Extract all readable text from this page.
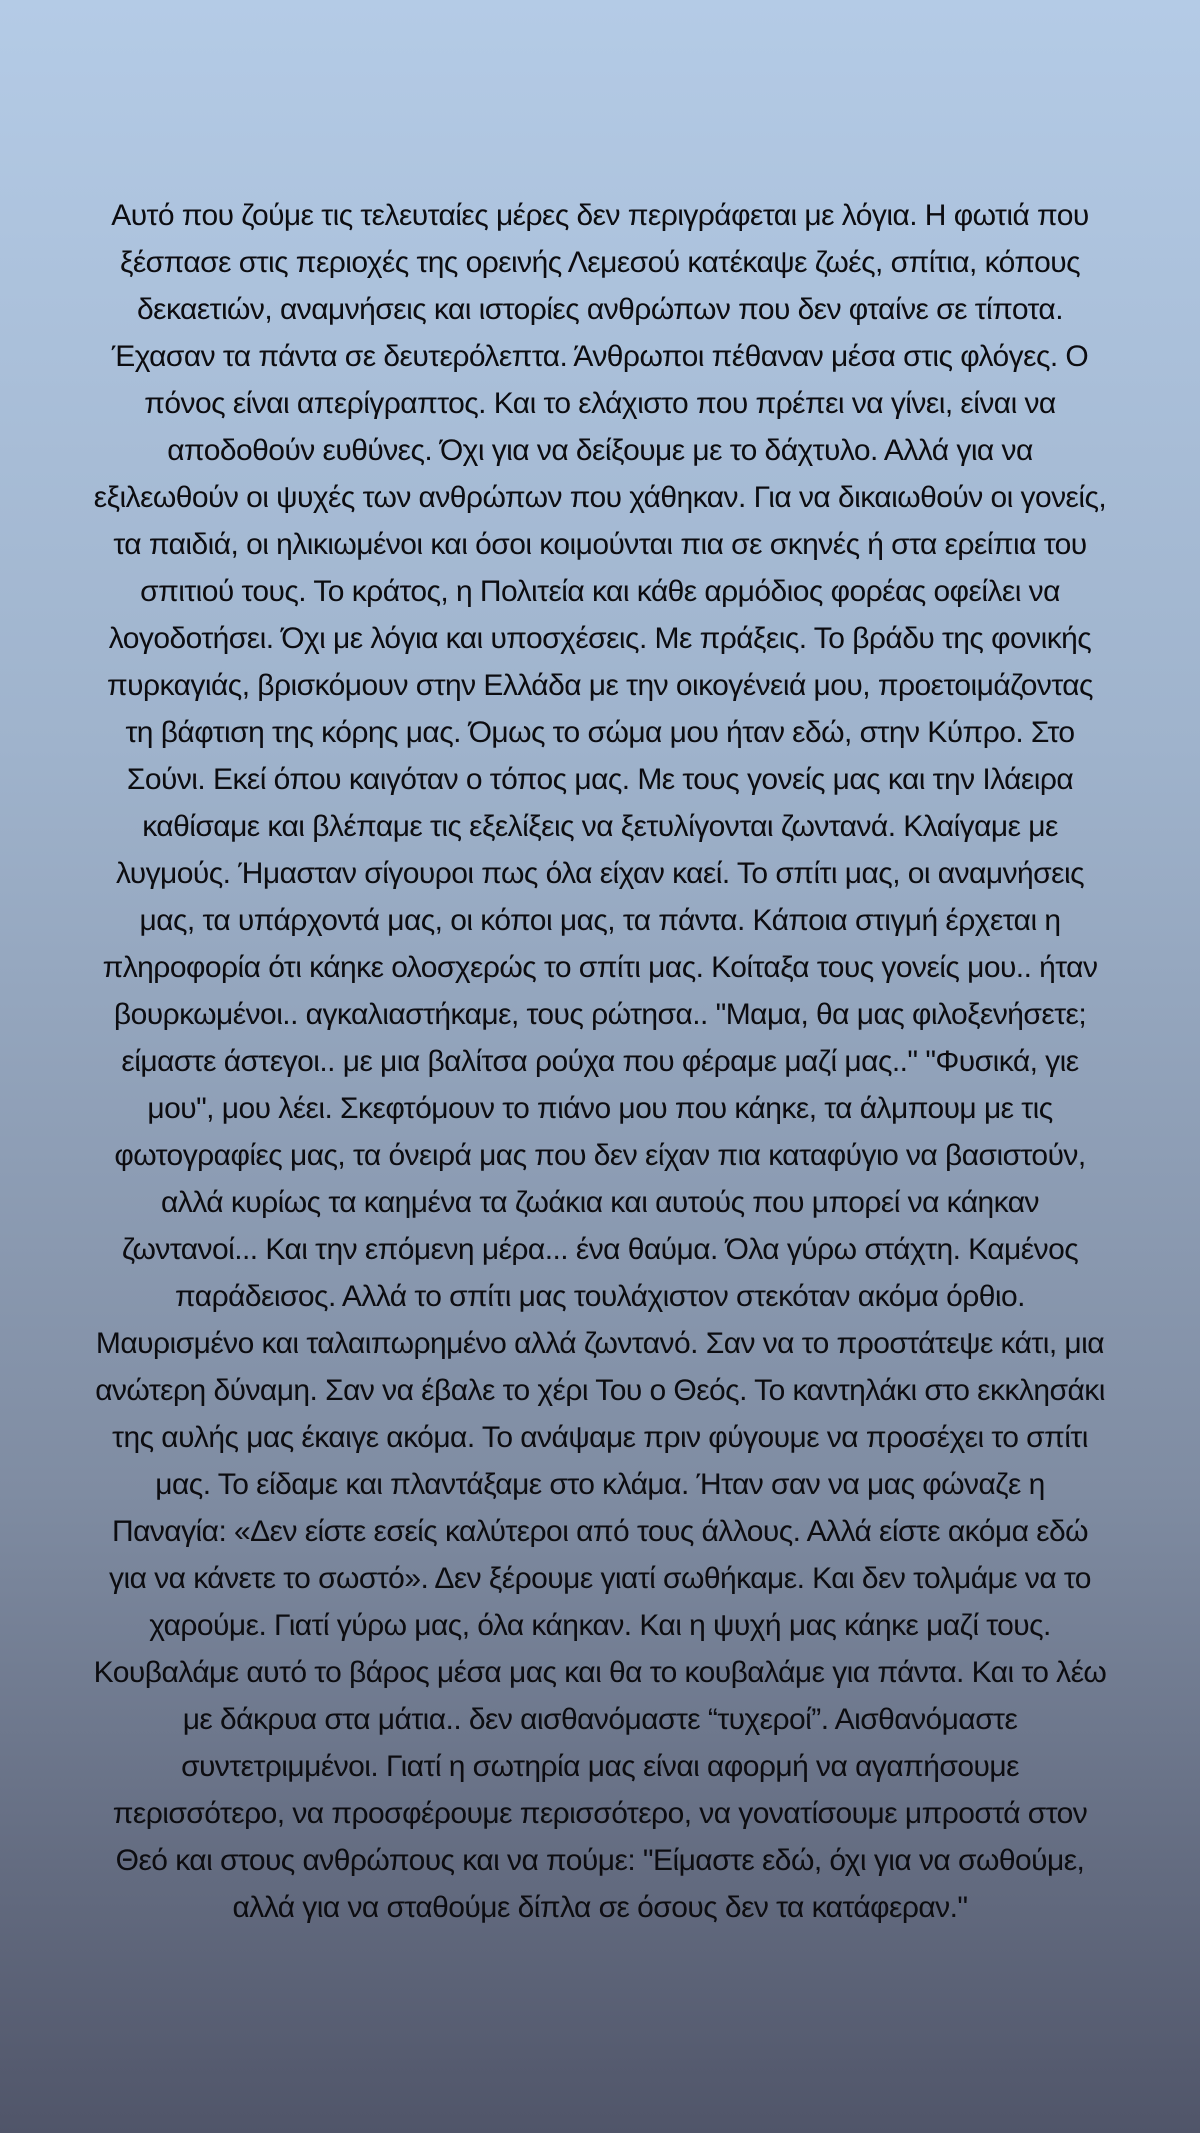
Αυτό που ζούμε τις τελευταίες μέρες δεν περιγράφεται με λόγια. Η φωτιά που
ξέσπασε στις περιοχές της ορεινής Λεμεσού κατέκαψε ζωές, σπίτια, κόπους
δεκαετιών, αναμνήσεις και ιστορίες ανθρώπων που δεν φταίνε σε τίποτα.
Έχασαν τα πάντα σε δευτερόλεπτα. Άνθρωποι πέθαναν μέσα στις φλόγες. Ο
πόνος είναι απερίγραπτος. Και το ελάχιστο που πρέπει να γίνει, είναι να
αποδοθούν ευθύνες. Όχι για να δείξουμε με το δάχτυλο. Αλλά για να
εξιλεωθούν οι ψυχές των ανθρώπων που χάθηκαν. Για να δικαιωθούν οι γονείς,
τα παιδιά, οι ηλικιωμένοι και όσοι κοιμούνται πια σε σκηνές ή στα ερείπια του
σπιτιού τους. Το κράτος, η Πολιτεία και κάθε αρμόδιος φορέας οφείλει να
λογοδοτήσει. Όχι με λόγια και υποσχέσεις. Με πράξεις. Το βράδυ της φονικής
πυρκαγιάς, βρισκόμουν στην Ελλάδα με την οικογένειά μου, προετοιμάζοντας
τη βάφτιση της κόρης μας. Όμως το σώμα μου ήταν εδώ, στην Κύπρο. Στο
Σούνι. Εκεί όπου καιγόταν ο τόπος μας. Με τους γονείς μας και την Ιλάειρα
καθίσαμε και βλέπαμε τις εξελίξεις να ξετυλίγονται ζωντανά. Κλαίγαμε με
λυγμούς. Ήμασταν σίγουροι πως όλα είχαν καεί. Το σπίτι μας, οι αναμνήσεις
μας, τα υπάρχοντά μας, οι κόποι μας, τα πάντα. Κάποια στιγμή έρχεται η
πληροφορία ότι κάηκε ολοσχερώς το σπίτι μας. Κοίταξα τους γονείς μου.. ήταν
βουρκωμένοι.. αγκαλιαστήκαμε, τους ρώτησα.. "Μαμα, θα μας φιλοξενήσετε;
είμαστε άστεγοι.. με μια βαλίτσα ρούχα που φέραμε μαζί μας.." "Φυσικά, γιε
μου", μου λέει. Σκεφτόμουν το πιάνο μου που κάηκε, τα άλμπουμ με τις
φωτογραφίες μας, τα όνειρά μας που δεν είχαν πια καταφύγιο να βασιστούν,
αλλά κυρίως τα καημένα τα ζωάκια και αυτούς που μπορεί να κάηκαν
ζωντανοί... Και την επόμενη μέρα... ένα θαύμα. Όλα γύρω στάχτη. Καμένος
παράδεισος. Αλλά το σπίτι μας τουλάχιστον στεκόταν ακόμα όρθιο.
Μαυρισμένο και ταλαιπωρημένο αλλά ζωντανό. Σαν να το προστάτεψε κάτι, μια
ανώτερη δύναμη. Σαν να έβαλε το χέρι Του ο Θεός. Το καντηλάκι στο εκκλησάκι
της αυλής μας έκαιγε ακόμα. Το ανάψαμε πριν φύγουμε να προσέχει το σπίτι
μας. Το είδαμε και πλαντάξαμε στο κλάμα. Ήταν σαν να μας φώναζε η
Παναγία: «Δεν είστε εσείς καλύτεροι από τους άλλους. Αλλά είστε ακόμα εδώ
για να κάνετε το σωστό». Δεν ξέρουμε γιατί σωθήκαμε. Και δεν τολμάμε να το
χαρούμε. Γιατί γύρω μας, όλα κάηκαν. Και η ψυχή μας κάηκε μαζί τους.
Κουβαλάμε αυτό το βάρος μέσα μας και θα το κουβαλάμε για πάντα. Και το λέω
με δάκρυα στα μάτια.. δεν αισθανόμαστε “τυχεροί”. Αισθανόμαστε
συντετριμμένοι. Γιατί η σωτηρία μας είναι αφορμή να αγαπήσουμε
περισσότερο, να προσφέρουμε περισσότερο, να γονατίσουμε μπροστά στον
Θεό και στους ανθρώπους και να πούμε: "Είμαστε εδώ, όχι για να σωθούμε,
αλλά για να σταθούμε δίπλα σε όσους δεν τα κατάφεραν."
